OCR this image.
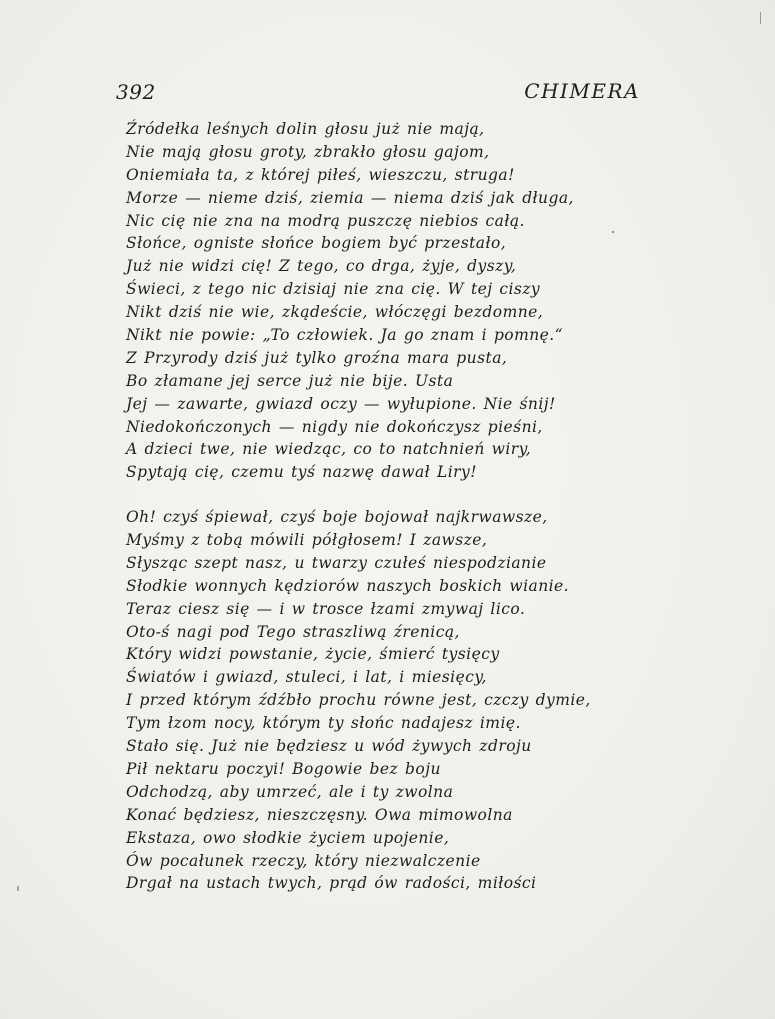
392	CHIMERA
Źródełka leśnych dolin głosu już nie mają,
Nie mają głosu groty, zbrakło głosu gajom,
Oniemiała ta, z której piłeś, wieszczu, struga!
Morze — nieme dziś, ziemia — niema dziś jak długa,
Nic cię nie zna na modrą puszczę niebios całą.
Słońce, ogniste słońce bogiem być przestało,
Już nie widzi cię! Z tego, co drga, żyje, dyszy,
Świeci, z tego nic dzisiaj nie zna cię. W tej ciszy
Nikt dziś nie wie, zkądeście, włóczęgi bezdomne,
Nikt nie powie: „To człowiek. Ja go znam i pomnę.“
Z Przyrody dziś już tylko groźna mara pusta,
Bo złamane jej serce już nie bije. Usta
Jej — zawarte, gwiazd oczy — wyłupione. Nie śnij!
Niedokończonych — nigdy nie dokończysz pieśni,
A dzieci twe, nie wiedząc, co to natchnień wiry,
Spytają cię, czemu tyś nazwę dawał Liry!
Oh! czyś śpiewał, czyś boje bojował najkrwawsze,
Myśmy z tobą mówili półgłosem! I zawsze,
Słysząc szept nasz, u twarzy czułeś niespodzianie
Słodkie wonnych kędziorów naszych boskich wianie.
Teraz ciesz się — i w trosce łzami zmywaj lico.
Oto-ś nagi pod Tego straszliwą źrenicą,
Który widzi powstanie, życie, śmierć tysięcy
Światów i gwiazd, stuleci, i lat, i miesięcy,
I przed którym źdźbło prochu równe jest, czczy dymie,
Tym łzom nocy, którym ty słońc nadajesz imię.
Stało się. Już nie będziesz u wód żywych zdroju
Pił nektaru poczyi! Bogowie bez boju
Odchodzą, aby umrzeć, ale i ty zwolna
Konać będziesz, nieszczęsny. Owa mimowolna
Ekstaza, owo słodkie życiem upojenie,
Ów pocałunek rzeczy, który niezwalczenie
Drgał na ustach twych, prąd ów radości, miłości
